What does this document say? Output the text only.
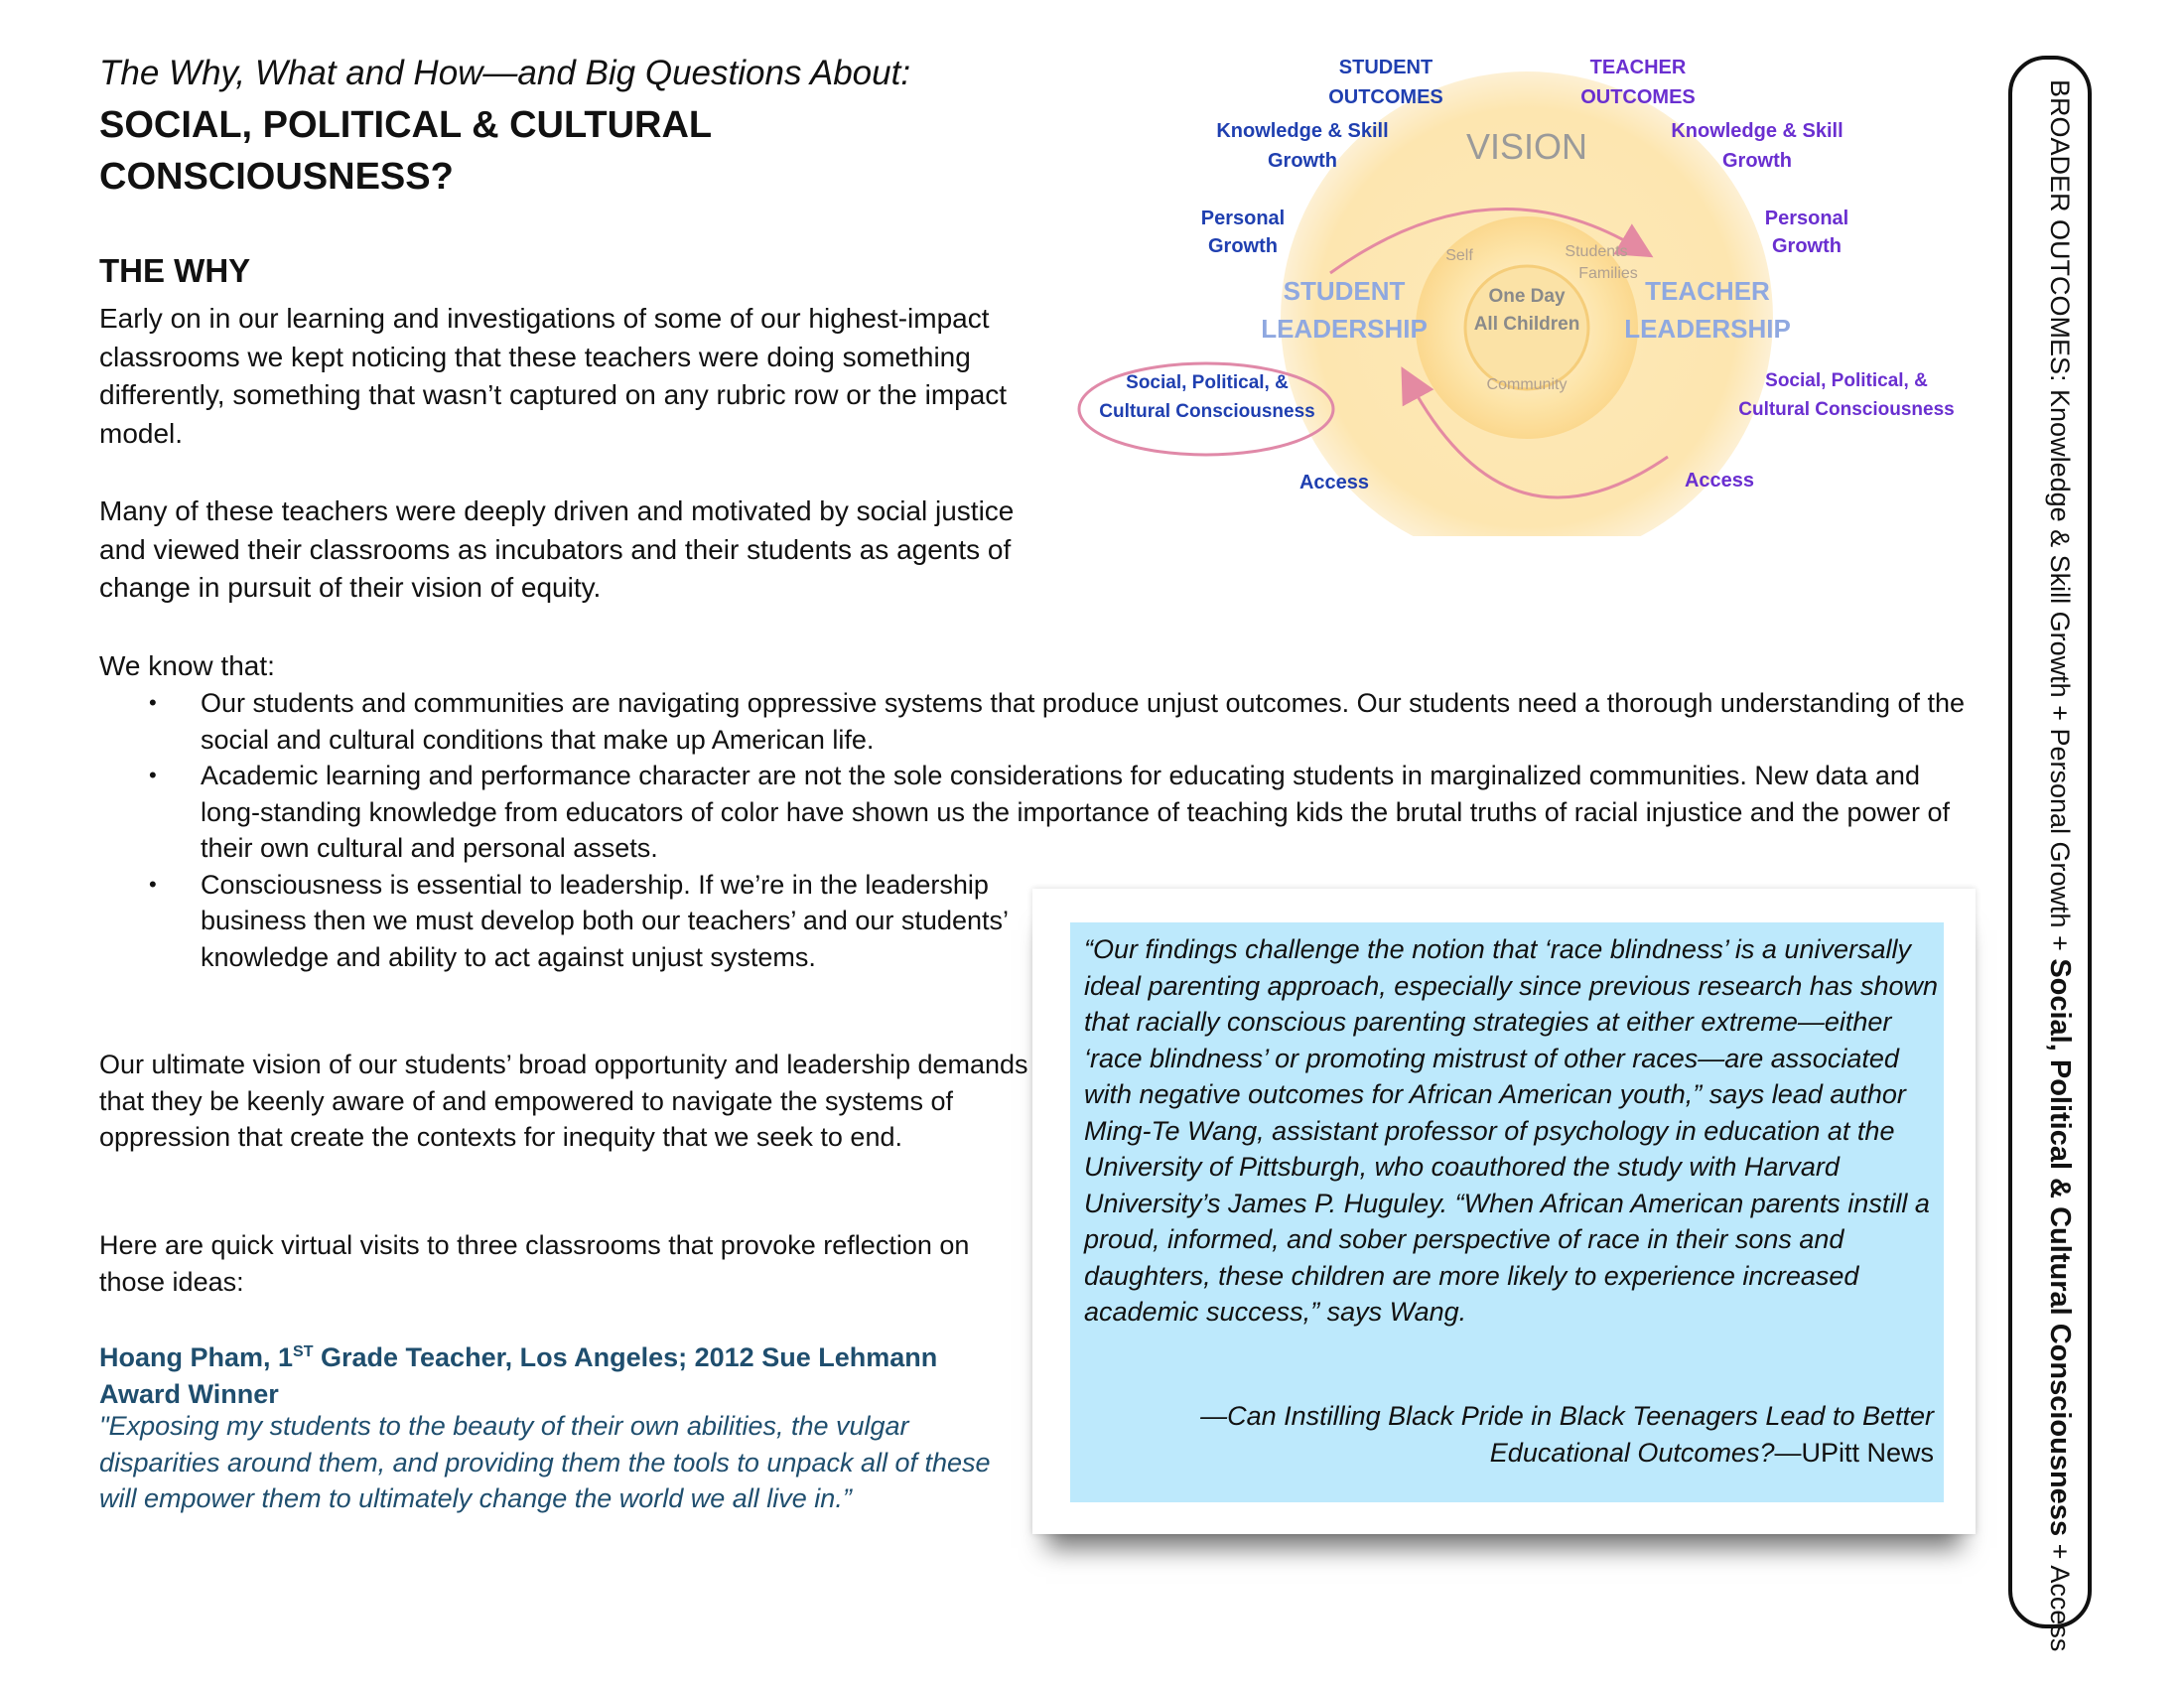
The Why, What and How—and Big Questions About:
SOCIAL, POLITICAL & CULTURAL CONSCIOUSNESS?
THE WHY
Early on in our learning and investigations of some of our highest-impact classrooms we kept noticing that these teachers were doing something differently, something that wasn’t captured on any rubric row or the impact model.
Many of these teachers were deeply driven and motivated by social justice and viewed their classrooms as incubators and their students as agents of change in pursuit of their vision of equity.
We know that:
• Our students and communities are navigating oppressive systems that produce unjust outcomes. Our students need a thorough understanding of the social and cultural conditions that make up American life.
• Academic learning and performance character are not the sole considerations for educating students in marginalized communities. New data and long-standing knowledge from educators of color have shown us the importance of teaching kids the brutal truths of racial injustice and the power of their own cultural and personal assets.
• Consciousness is essential to leadership. If we’re in the leadership business then we must develop both our teachers’ and our students’ knowledge and ability to act against unjust systems.
Our ultimate vision of our students’ broad opportunity and leadership demands that they be keenly aware of and empowered to navigate the systems of oppression that create the contexts for inequity that we seek to end.
Here are quick virtual visits to three classrooms that provoke reflection on those ideas:
Hoang Pham, 1ST Grade Teacher, Los Angeles; 2012 Sue Lehmann Award Winner
"Exposing my students to the beauty of their own abilities, the vulgar disparities around them, and providing them the tools to unpack all of these will empower them to ultimately change the world we all live in.”
“Our findings challenge the notion that ‘race blindness’ is a universally ideal parenting approach, especially since previous research has shown that racially conscious parenting strategies at either extreme—either ‘race blindness’ or promoting mistrust of other races—are associated with negative outcomes for African American youth,” says lead author Ming-Te Wang, assistant professor of psychology in education at the University of Pittsburgh, who coauthored the study with Harvard University’s James P. Huguley. “When African American parents instill a proud, informed, and sober perspective of race in their sons and daughters, these children are more likely to experience increased academic success,” says Wang.
—Can Instilling Black Pride in Black Teenagers Lead to Better Educational Outcomes?—UPitt News
BROADER OUTCOMES: Knowledge & Skill Growth + Personal Growth + Social, Political & Cultural Consciousness + Access
VISION
STUDENT
OUTCOMES
TEACHER
OUTCOMES
Knowledge & Skill
Growth
Personal
Growth
Social, Political, &
Cultural Consciousness
Access
Knowledge & Skill
Growth
Personal
Growth
Social, Political, &
Cultural Consciousness
Access
STUDENT
LEADERSHIP
TEACHER
LEADERSHIP
Self	Students
Families
Community
One Day
All Children
